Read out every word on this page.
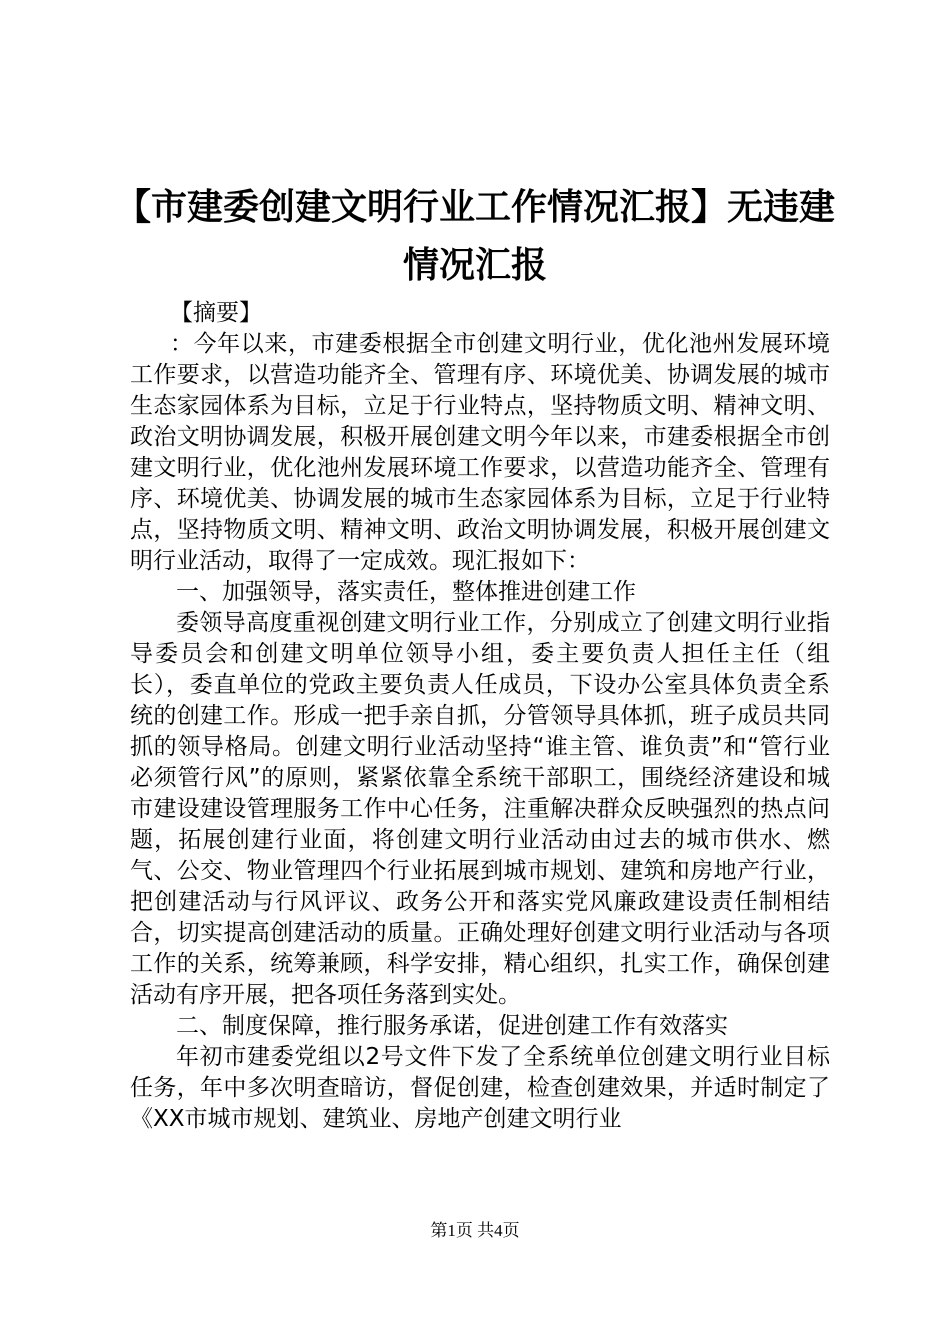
【市建委创建文明行业工作情况汇报】无违建
情况汇报

【摘要】

：今年以来，市建委根据全市创建文明行业，优化池州发展环境工作要求，以营造功能齐全、管理有序、环境优美、协调发展的城市生态家园体系为目标，立足于行业特点，坚持物质文明、精神文明、政治文明协调发展，积极开展创建文明今年以来，市建委根据全市创建文明行业，优化池州发展环境工作要求，以营造功能齐全、管理有序、环境优美、协调发展的城市生态家园体系为目标，立足于行业特点，坚持物质文明、精神文明、政治文明协调发展，积极开展创建文明行业活动，取得了一定成效。现汇报如下：

一、加强领导，落实责任，整体推进创建工作

委领导高度重视创建文明行业工作，分别成立了创建文明行业指导委员会和创建文明单位领导小组，委主要负责人担任主任（组长），委直单位的党政主要负责人任成员，下设办公室具体负责全系统的创建工作。形成一把手亲自抓，分管领导具体抓，班子成员共同抓的领导格局。创建文明行业活动坚持“谁主管、谁负责”和“管行业必须管行风”的原则，紧紧依靠全系统干部职工，围绕经济建设和城市建设建设管理服务工作中心任务，注重解决群众反映强烈的热点问题，拓展创建行业面，将创建文明行业活动由过去的城市供水、燃气、公交、物业管理四个行业拓展到城市规划、建筑和房地产行业，把创建活动与行风评议、政务公开和落实党风廉政建设责任制相结合，切实提高创建活动的质量。正确处理好创建文明行业活动与各项工作的关系，统筹兼顾，科学安排，精心组织，扎实工作，确保创建活动有序开展，把各项任务落到实处。

二、制度保障，推行服务承诺，促进创建工作有效落实

年初市建委党组以2号文件下发了全系统单位创建文明行业目标任务，年中多次明查暗访，督促创建，检查创建效果，并适时制定了《XX市城市规划、建筑业、房地产创建文明行业

第1页 共4页
